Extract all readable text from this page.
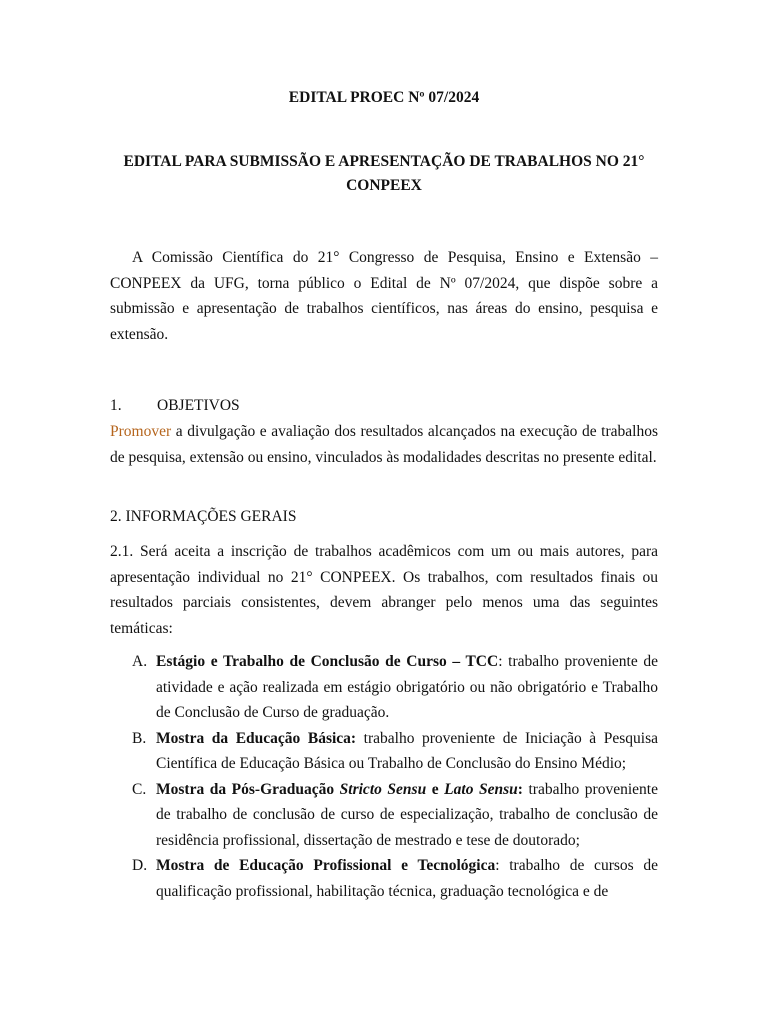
EDITAL PROEC Nº 07/2024
EDITAL PARA SUBMISSÃO E APRESENTAÇÃO DE TRABALHOS NO 21° CONPEEX
A Comissão Científica do 21° Congresso de Pesquisa, Ensino e Extensão – CONPEEX da UFG, torna público o Edital de Nº 07/2024, que dispõe sobre a submissão e apresentação de trabalhos científicos, nas áreas do ensino, pesquisa e extensão.
1. OBJETIVOS
Promover a divulgação e avaliação dos resultados alcançados na execução de trabalhos de pesquisa, extensão ou ensino, vinculados às modalidades descritas no presente edital.
2. INFORMAÇÕES GERAIS
2.1. Será aceita a inscrição de trabalhos acadêmicos com um ou mais autores, para apresentação individual no 21° CONPEEX. Os trabalhos, com resultados finais ou resultados parciais consistentes, devem abranger pelo menos uma das seguintes temáticas:
A. Estágio e Trabalho de Conclusão de Curso – TCC: trabalho proveniente de atividade e ação realizada em estágio obrigatório ou não obrigatório e Trabalho de Conclusão de Curso de graduação.
B. Mostra da Educação Básica: trabalho proveniente de Iniciação à Pesquisa Científica de Educação Básica ou Trabalho de Conclusão do Ensino Médio;
C. Mostra da Pós-Graduação Stricto Sensu e Lato Sensu: trabalho proveniente de trabalho de conclusão de curso de especialização, trabalho de conclusão de residência profissional, dissertação de mestrado e tese de doutorado;
D. Mostra de Educação Profissional e Tecnológica: trabalho de cursos de qualificação profissional, habilitação técnica, graduação tecnológica e de
